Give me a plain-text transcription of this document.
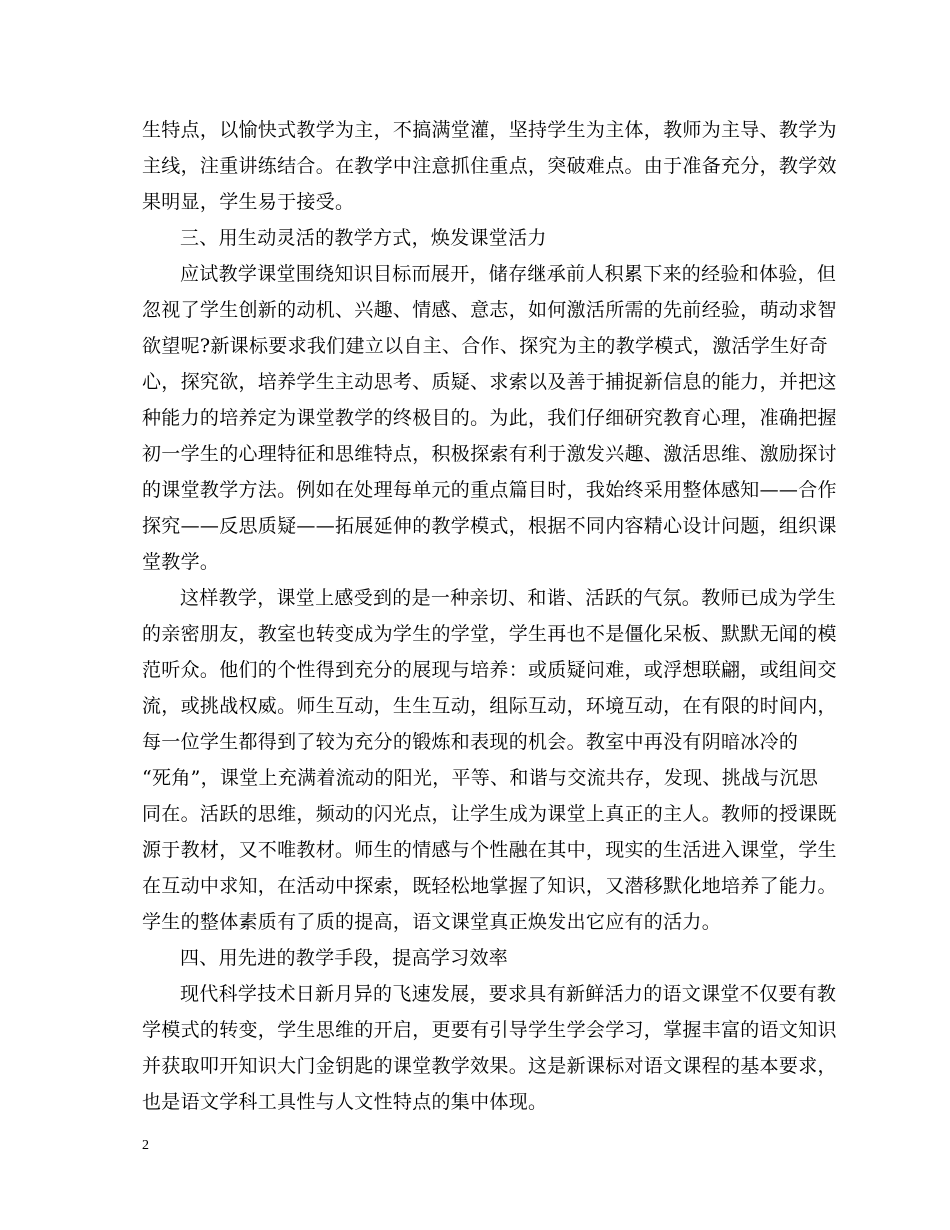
生特点，以愉快式教学为主，不搞满堂灌，坚持学生为主体，教师为主导、教学为
主线，注重讲练结合。在教学中注意抓住重点，突破难点。由于准备充分，教学效
果明显，学生易于接受。
三、用生动灵活的教学方式，焕发课堂活力
应试教学课堂围绕知识目标而展开，储存继承前人积累下来的经验和体验，但
忽视了学生创新的动机、兴趣、情感、意志，如何激活所需的先前经验，萌动求智
欲望呢?新课标要求我们建立以自主、合作、探究为主的教学模式，激活学生好奇
心，探究欲，培养学生主动思考、质疑、求索以及善于捕捉新信息的能力，并把这
种能力的培养定为课堂教学的终极目的。为此，我们仔细研究教育心理，准确把握
初一学生的心理特征和思维特点，积极探索有利于激发兴趣、激活思维、激励探讨
的课堂教学方法。例如在处理每单元的重点篇目时，我始终采用整体感知——合作
探究——反思质疑——拓展延伸的教学模式，根据不同内容精心设计问题，组织课
堂教学。
这样教学，课堂上感受到的是一种亲切、和谐、活跃的气氛。教师已成为学生
的亲密朋友，教室也转变成为学生的学堂，学生再也不是僵化呆板、默默无闻的模
范听众。他们的个性得到充分的展现与培养：或质疑问难，或浮想联翩，或组间交
流，或挑战权威。师生互动，生生互动，组际互动，环境互动，在有限的时间内，
每一位学生都得到了较为充分的锻炼和表现的机会。教室中再没有阴暗冰冷的
“死角”，课堂上充满着流动的阳光，平等、和谐与交流共存，发现、挑战与沉思
同在。活跃的思维，频动的闪光点，让学生成为课堂上真正的主人。教师的授课既
源于教材，又不唯教材。师生的情感与个性融在其中，现实的生活进入课堂，学生
在互动中求知，在活动中探索，既轻松地掌握了知识，又潜移默化地培养了能力。
学生的整体素质有了质的提高，语文课堂真正焕发出它应有的活力。
四、用先进的教学手段，提高学习效率
现代科学技术日新月异的飞速发展，要求具有新鲜活力的语文课堂不仅要有教
学模式的转变，学生思维的开启，更要有引导学生学会学习，掌握丰富的语文知识
并获取叩开知识大门金钥匙的课堂教学效果。这是新课标对语文课程的基本要求，
也是语文学科工具性与人文性特点的集中体现。
2
